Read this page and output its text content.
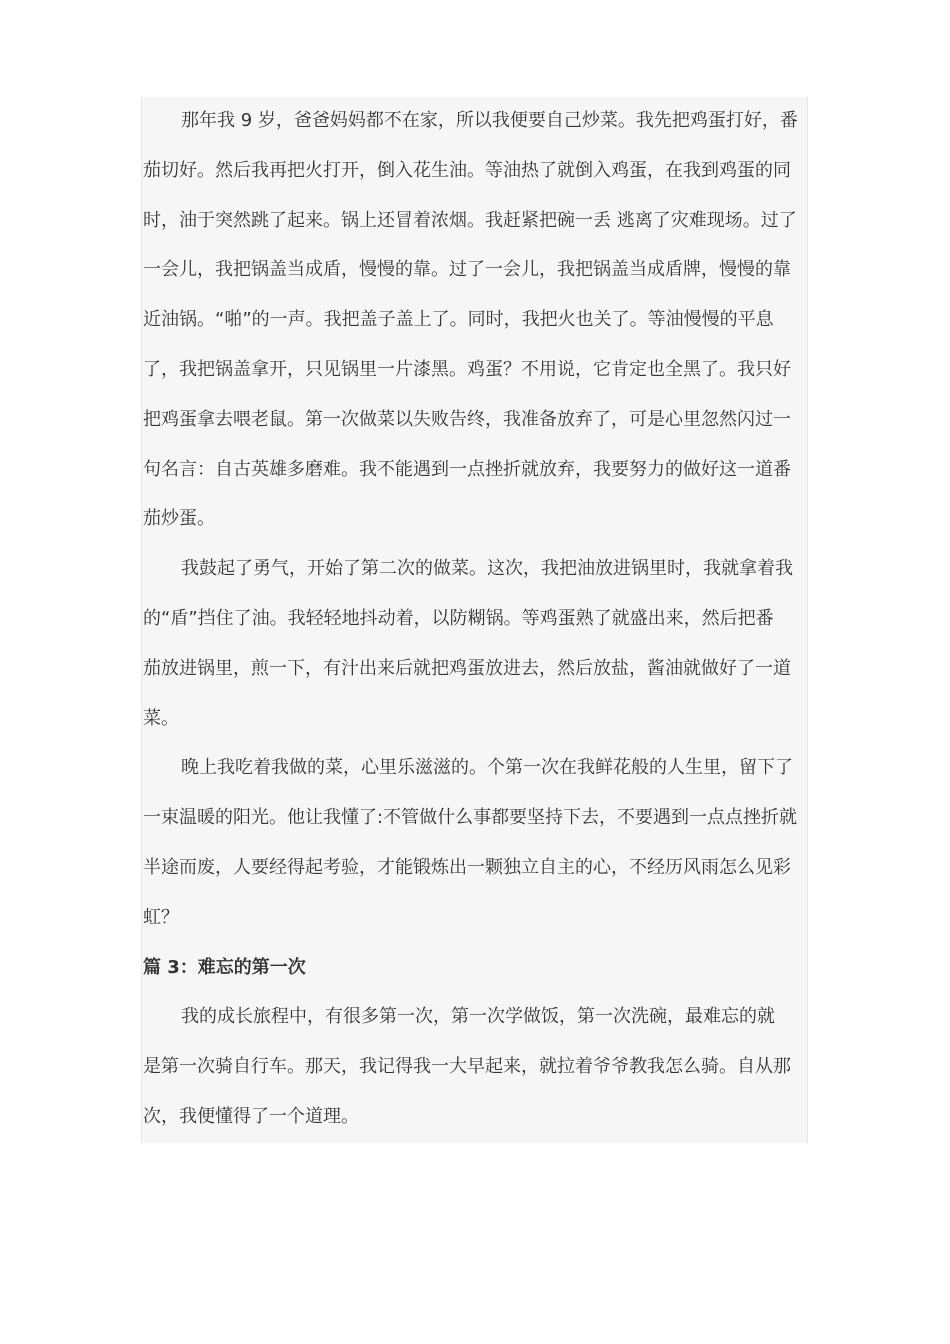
那年我 9 岁，爸爸妈妈都不在家，所以我便要自己炒菜。我先把鸡蛋打好，番
茄切好。然后我再把火打开，倒入花生油。等油热了就倒入鸡蛋，在我到鸡蛋的同
时，油于突然跳了起来。锅上还冒着浓烟。我赶紧把碗一丢 逃离了灾难现场。过了
一会儿，我把锅盖当成盾，慢慢的靠。过了一会儿，我把锅盖当成盾牌，慢慢的靠
近油锅。“啪”的一声。我把盖子盖上了。同时，我把火也关了。等油慢慢的平息
了，我把锅盖拿开，只见锅里一片漆黑。鸡蛋？不用说，它肯定也全黑了。我只好
把鸡蛋拿去喂老鼠。第一次做菜以失败告终，我准备放弃了，可是心里忽然闪过一
句名言：自古英雄多磨难。我不能遇到一点挫折就放弃，我要努力的做好这一道番
茄炒蛋。
我鼓起了勇气，开始了第二次的做菜。这次，我把油放进锅里时，我就拿着我
的“盾”挡住了油。我轻轻地抖动着，以防糊锅。等鸡蛋熟了就盛出来，然后把番
茄放进锅里，煎一下，有汁出来后就把鸡蛋放进去，然后放盐，酱油就做好了一道
菜。
晚上我吃着我做的菜，心里乐滋滋的。个第一次在我鲜花般的人生里，留下了
一束温暖的阳光。他让我懂了:不管做什么事都要坚持下去，不要遇到一点点挫折就
半途而废，人要经得起考验，才能锻炼出一颗独立自主的心，不经历风雨怎么见彩
虹？
篇 3：难忘的第一次
我的成长旅程中，有很多第一次，第一次学做饭，第一次洗碗，最难忘的就
是第一次骑自行车。那天，我记得我一大早起来，就拉着爷爷教我怎么骑。自从那
次，我便懂得了一个道理。
